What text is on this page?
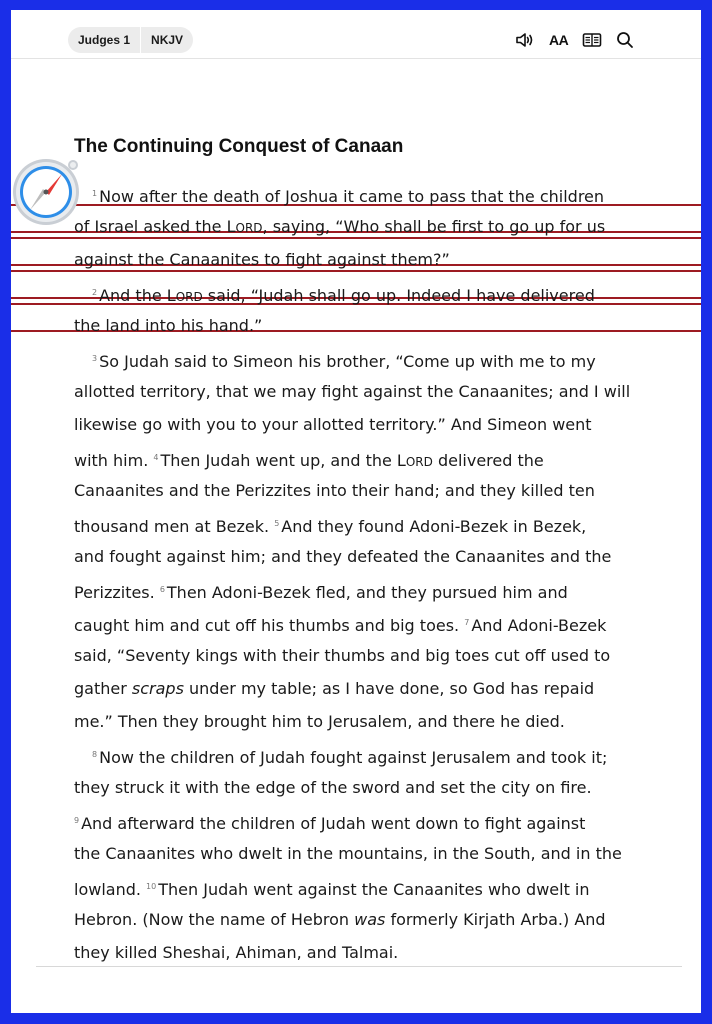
Judges 1	NKJV	AA
The Continuing Conquest of Canaan
$^1$ Now after the death of Joshua it came to pass that the children
of Israel asked the LORD, saying, “Who shall be first to go up for us
against the Canaanites to fight against them?”
$^2$ And the LORD said, “Judah shall go up. Indeed I have delivered
the land into his hand.”
$^3$ So Judah said to Simeon his brother, “Come up with me to my
allotted territory, that we may fight against the Canaanites; and I will
likewise go with you to your allotted territory.” And Simeon went
with him. $^4$ Then Judah went up, and the LORD delivered the
Canaanites and the Perizzites into their hand; and they killed ten
thousand men at Bezek. $^5$ And they found Adoni-Bezek in Bezek,
and fought against him; and they defeated the Canaanites and the
Perizzites. $^6$ Then Adoni-Bezek fled, and they pursued him and
caught him and cut off his thumbs and big toes. $^7$ And Adoni-Bezek
said, “Seventy kings with their thumbs and big toes cut off used to
gather scraps under my table; as I have done, so God has repaid
me.” Then they brought him to Jerusalem, and there he died.
$^8$ Now the children of Judah fought against Jerusalem and took it;
they struck it with the edge of the sword and set the city on fire.
$^9$ And afterward the children of Judah went down to fight against
the Canaanites who dwelt in the mountains, in the South, and in the
lowland. $^{10}$ Then Judah went against the Canaanites who dwelt in
Hebron. (Now the name of Hebron was formerly Kirjath Arba.) And
they killed Sheshai, Ahiman, and Talmai.
